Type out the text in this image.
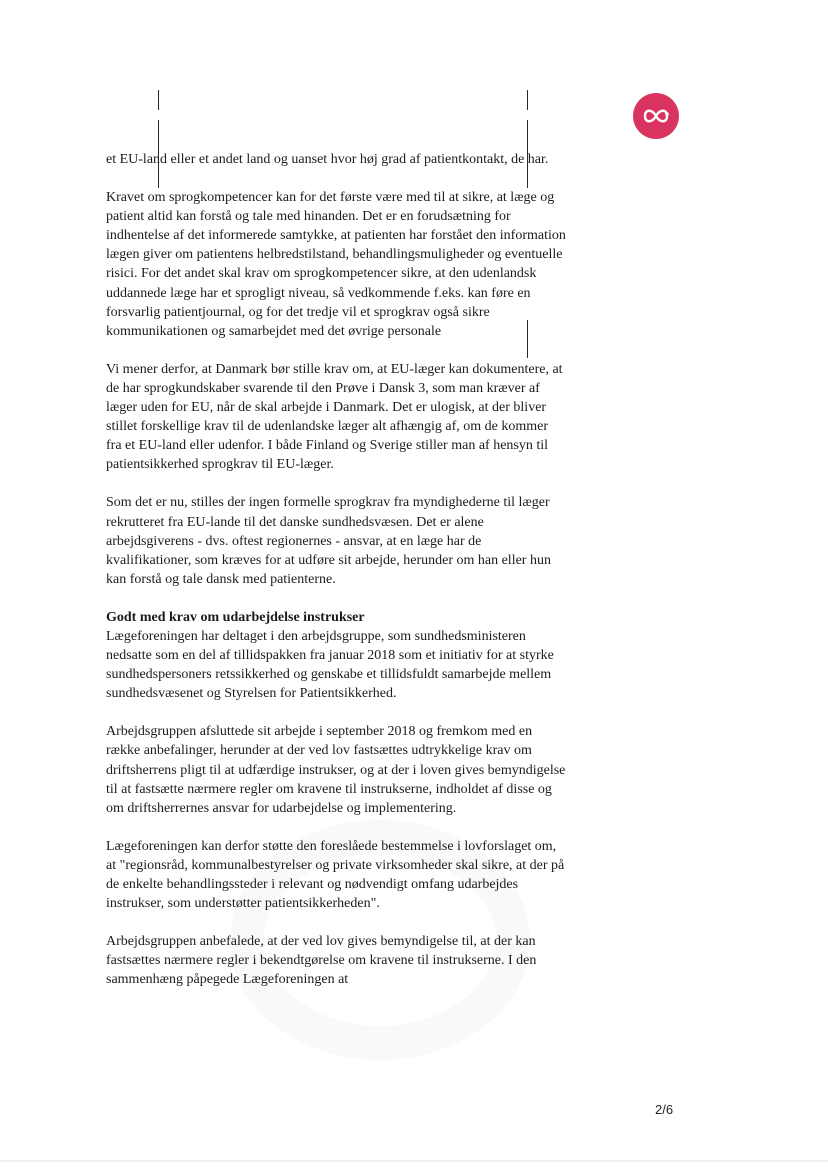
et EU-land eller et andet land og uanset hvor høj grad af patientkontakt, de har.

Kravet om sprogkompetencer kan for det første være med til at sikre, at læge og patient altid kan forstå og tale med hinanden. Det er en forudsætning for indhentelse af det informerede samtykke, at patienten har forstået den information lægen giver om patientens helbredstilstand, behandlingsmuligheder og eventuelle risici. For det andet skal krav om sprogkompetencer sikre, at den udenlandsk uddannede læge har et sprogligt niveau, så vedkommende f.eks. kan føre en forsvarlig patientjournal, og for det tredje vil et sprogkrav også sikre kommunikationen og samarbejdet med det øvrige personale

Vi mener derfor, at Danmark bør stille krav om, at EU-læger kan dokumentere, at de har sprogkundskaber svarende til den Prøve i Dansk 3, som man kræver af læger uden for EU, når de skal arbejde i Danmark. Det er ulogisk, at der bliver stillet forskellige krav til de udenlandske læger alt afhængig af, om de kommer fra et EU-land eller udenfor. I både Finland og Sverige stiller man af hensyn til patientsikkerhed sprogkrav til EU-læger.

Som det er nu, stilles der ingen formelle sprogkrav fra myndighederne til læger rekrutteret fra EU-lande til det danske sundhedsvæsen. Det er alene arbejdsgiverens - dvs. oftest regionernes - ansvar, at en læge har de kvalifikationer, som kræves for at udføre sit arbejde, herunder om han eller hun kan forstå og tale dansk med patienterne.

Godt med krav om udarbejdelse instrukser
Lægeforeningen har deltaget i den arbejdsgruppe, som sundhedsministeren nedsatte som en del af tillidspakken fra januar 2018 som et initiativ for at styrke sundhedspersoners retssikkerhed og genskabe et tillidsfuldt samarbejde mellem sundhedsvæsenet og Styrelsen for Patientsikkerhed.

Arbejdsgruppen afsluttede sit arbejde i september 2018 og fremkom med en række anbefalinger, herunder at der ved lov fastsættes udtrykkelige krav om driftsherrens pligt til at udfærdige instrukser, og at der i loven gives bemyndigelse til at fastsætte nærmere regler om kravene til instrukserne, indholdet af disse og om driftsherrernes ansvar for udarbejdelse og implementering.

Lægeforeningen kan derfor støtte den foreslåede bestemmelse i lovforslaget om, at "regionsråd, kommunalbestyrelser og private virksomheder skal sikre, at der på de enkelte behandlingssteder i relevant og nødvendigt omfang udarbejdes instrukser, som understøtter patientsikkerheden".

Arbejdsgruppen anbefalede, at der ved lov gives bemyndigelse til, at der kan fastsættes nærmere regler i bekendtgørelse om kravene til instrukserne. I den sammenhæng påpegede Lægeforeningen at

2/6
